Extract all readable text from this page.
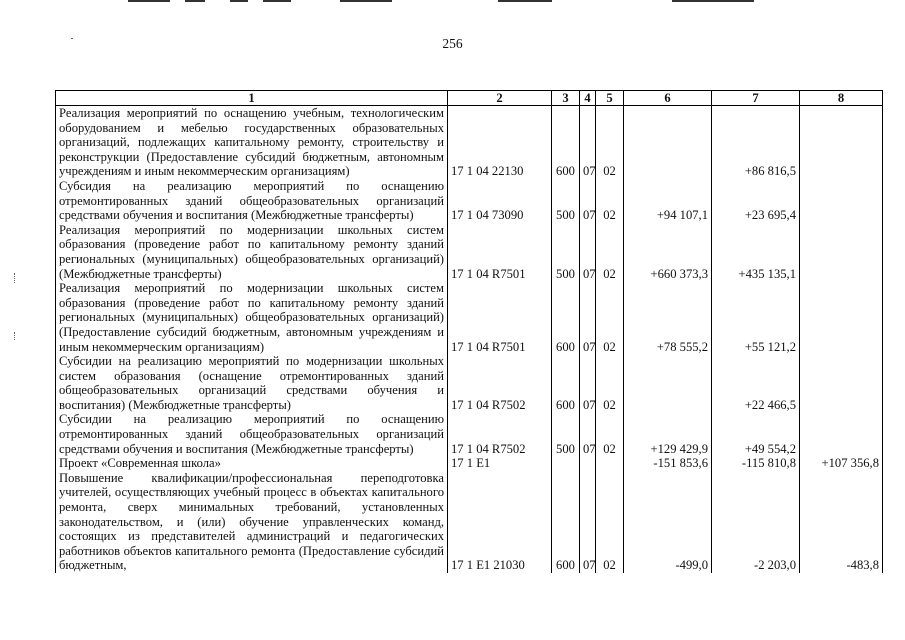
256
1	2	3	4	5	6	7	8
Реализация мероприятий по оснащению учебным, технологическим оборудованием и мебелью государственных образовательных организаций, подлежащих капитальному ремонту, строительству и реконструкции (Предоставление субсидий бюджетным, автономным учреждениям и иным некоммерческим организациям)	17 1 04 22130	600	07	02		+86 816,5	
Субсидия на реализацию мероприятий по оснащению отремонтированных зданий общеобразовательных организаций средствами обучения и воспитания (Межбюджетные трансферты)	17 1 04 73090	500	07	02	+94 107,1	+23 695,4	
Реализация мероприятий по модернизации школьных систем образования (проведение работ по капитальному ремонту зданий региональных (муниципальных) общеобразовательных организаций) (Межбюджетные трансферты)	17 1 04 R7501	500	07	02	+660 373,3	+435 135,1	
Реализация мероприятий по модернизации школьных систем образования (проведение работ по капитальному ремонту зданий региональных (муниципальных) общеобразовательных организаций) (Предоставление субсидий бюджетным, автономным учреждениям и иным некоммерческим организациям)	17 1 04 R7501	600	07	02	+78 555,2	+55 121,2	
Субсидии на реализацию мероприятий по модернизации школьных систем образования (оснащение отремонтированных зданий общеобразовательных организаций средствами обучения и воспитания) (Межбюджетные трансферты)	17 1 04 R7502	600	07	02		+22 466,5	
Субсидии на реализацию мероприятий по оснащению отремонтированных зданий общеобразовательных организаций средствами обучения и воспитания (Межбюджетные трансферты)	17 1 04 R7502	500	07	02	+129 429,9	+49 554,2	
Проект «Современная школа»	17 1 E1				-151 853,6	-115 810,8	+107 356,8
Повышение квалификации/профессиональная переподготовка учителей, осуществляющих учебный процесс в объектах капитального ремонта, сверх минимальных требований, установленных законодательством, и (или) обучение управленческих команд, состоящих из представителей администраций и педагогических работников объектов капитального ремонта (Предоставление субсидий бюджетным,	17 1 E1 21030	600	07	02	-499,0	-2 203,0	-483,8
